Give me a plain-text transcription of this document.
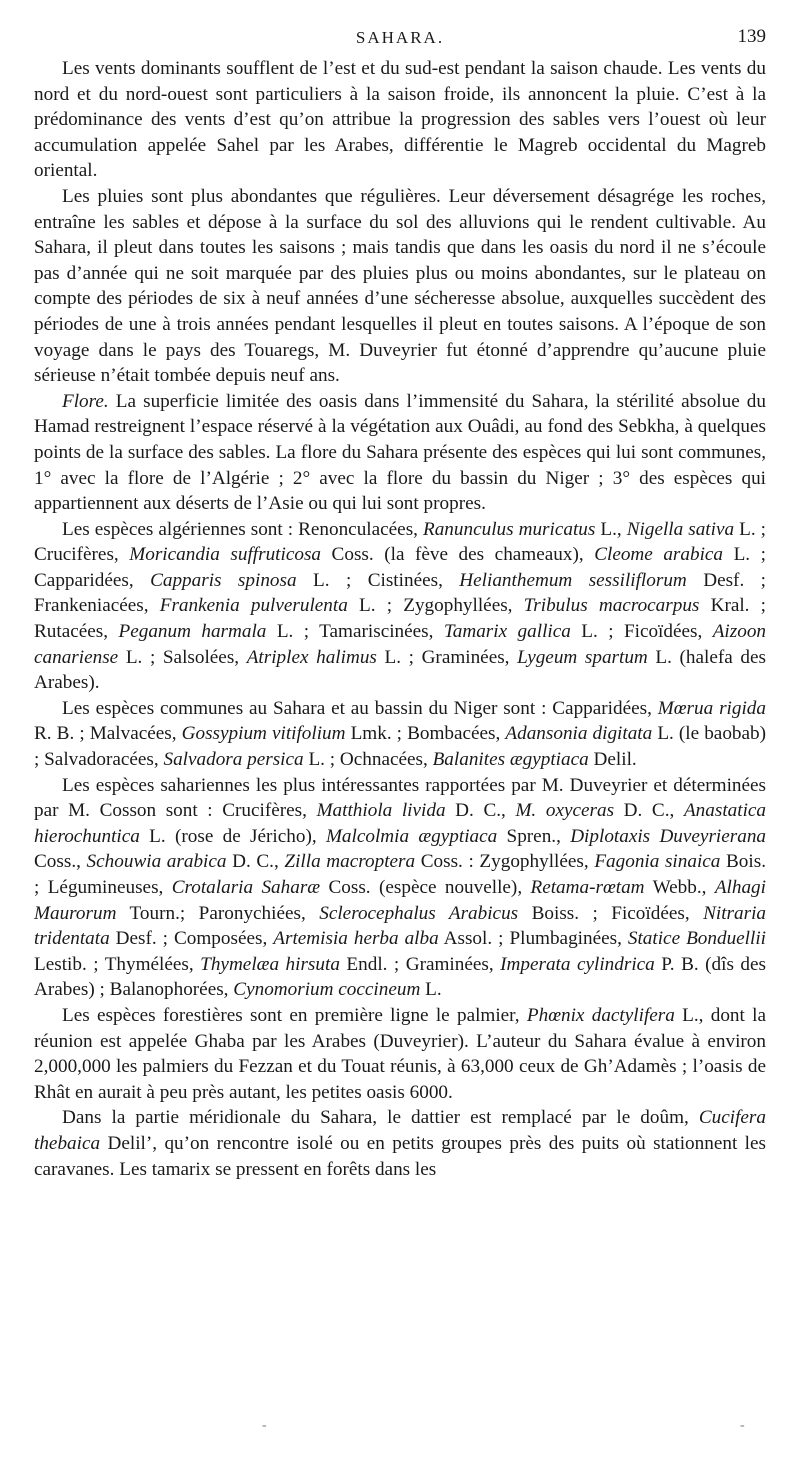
SAHARA.	139

Les vents dominants soufflent de l’est et du sud-est pendant la saison chaude. Les vents du nord et du nord-ouest sont particuliers à la saison froide, ils annoncent la pluie. C’est à la prédominance des vents d’est qu’on attribue la progression des sables vers l’ouest où leur accumulation appelée Sahel par les Arabes, différentie le Magreb occidental du Magreb oriental.

Les pluies sont plus abondantes que régulières. Leur déversement désagrége les roches, entraîne les sables et dépose à la surface du sol des alluvions qui le rendent cultivable. Au Sahara, il pleut dans toutes les saisons ; mais tandis que dans les oasis du nord il ne s’écoule pas d’année qui ne soit marquée par des pluies plus ou moins abondantes, sur le plateau on compte des périodes de six à neuf années d’une sécheresse absolue, auxquelles succèdent des périodes de une à trois années pendant lesquelles il pleut en toutes saisons. A l’époque de son voyage dans le pays des Touaregs, M. Duveyrier fut étonné d’apprendre qu’aucune pluie sérieuse n’était tombée depuis neuf ans.

Flore. La superficie limitée des oasis dans l’immensité du Sahara, la stérilité absolue du Hamad restreignent l’espace réservé à la végétation aux Ouâdi, au fond des Sebkha, à quelques points de la surface des sables. La flore du Sahara présente des espèces qui lui sont communes, 1° avec la flore de l’Algérie ; 2° avec la flore du bassin du Niger ; 3° des espèces qui appartiennent aux déserts de l’Asie ou qui lui sont propres.

Les espèces algériennes sont : Renonculacées, Ranunculus muricatus L., Nigella sativa L. ; Crucifères, Moricandia suffruticosa Coss. (la fève des chameaux), Cleome arabica L. ; Capparidées, Capparis spinosa L. ; Cistinées, Helianthemum sessiliflorum Desf. ; Frankeniacées, Frankenia pulverulenta L. ; Zygophyllées, Tribulus macrocarpus Kral. ; Rutacées, Peganum harmala L. ; Tamariscinées, Tamarix gallica L. ; Ficoïdées, Aizoon canariense L. ; Salsolées, Atriplex halimus L. ; Graminées, Lygeum spartum L. (halefa des Arabes).

Les espèces communes au Sahara et au bassin du Niger sont : Capparidées, Mœrua rigida R. B. ; Malvacées, Gossypium vitifolium Lmk. ; Bombacées, Adansonia digitata L. (le baobab) ; Salvadoracées, Salvadora persica L. ; Ochnacées, Balanites ægyptiaca Delil.

Les espèces sahariennes les plus intéressantes rapportées par M. Duveyrier et déterminées par M. Cosson sont : Crucifères, Matthiola livida D. C., M. oxyceras D. C., Anastatica hierochuntica L. (rose de Jéricho), Malcolmia ægyptiaca Spren., Diplotaxis Duveyrierana Coss., Schouwia arabica D. C., Zilla macroptera Coss. : Zygophyllées, Fagonia sinaica Bois. ; Légumineuses, Crotalaria Saharæ Coss. (espèce nouvelle), Retama-rœtam Webb., Alhagi Maurorum Tourn.; Paronychiées, Sclerocephalus Arabicus Boiss. ; Ficoïdées, Nitraria tridentata Desf. ; Composées, Artemisia herba alba Assol. ; Plumbaginées, Statice Bonduellii Lestib. ; Thymélées, Thymelæa hirsuta Endl. ; Graminées, Imperata cylindrica P. B. (dîs des Arabes) ; Balanophorées, Cynomorium coccineum L.

Les espèces forestières sont en première ligne le palmier, Phœnix dactylifera L., dont la réunion est appelée Ghaba par les Arabes (Duveyrier). L’auteur du Sahara évalue à environ 2,000,000 les palmiers du Fezzan et du Touat réunis, à 63,000 ceux de Gh’Adamès ; l’oasis de Rhât en aurait à peu près autant, les petites oasis 6000.

Dans la partie méridionale du Sahara, le dattier est remplacé par le doûm, Cucifera thebaica Delil’, qu’on rencontre isolé ou en petits groupes près des puits où stationnent les caravanes. Les tamarix se pressent en forêts dans les

-	-
